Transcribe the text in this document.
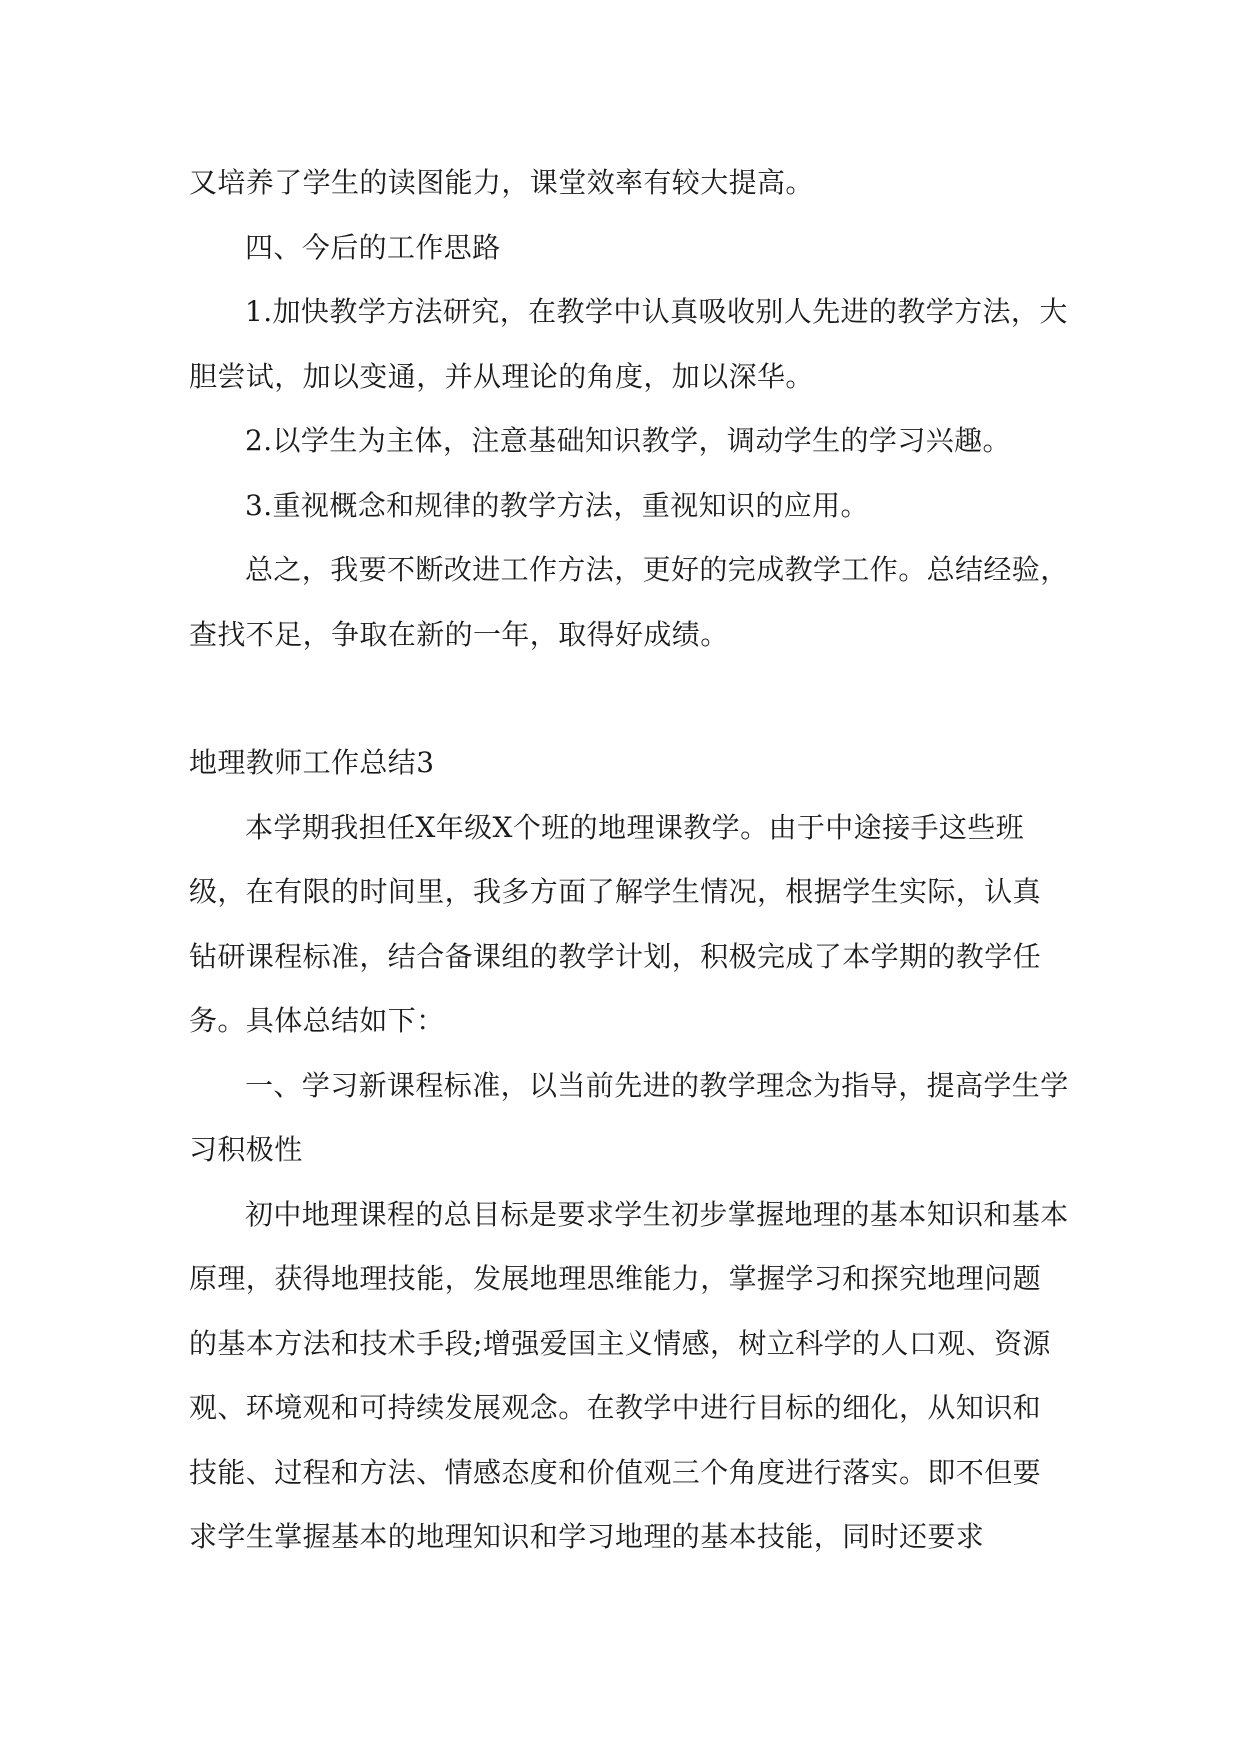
又培养了学生的读图能力，课堂效率有较大提高。

四、今后的工作思路

1.加快教学方法研究，在教学中认真吸收别人先进的教学方法，大胆尝试，加以变通，并从理论的角度，加以深华。

2.以学生为主体，注意基础知识教学，调动学生的学习兴趣。

3.重视概念和规律的教学方法，重视知识的应用。

总之，我要不断改进工作方法，更好的完成教学工作。总结经验，查找不足，争取在新的一年，取得好成绩。

地理教师工作总结3

本学期我担任X年级X个班的地理课教学。由于中途接手这些班级，在有限的时间里，我多方面了解学生情况，根据学生实际，认真钻研课程标准，结合备课组的教学计划，积极完成了本学期的教学任务。具体总结如下：

一、学习新课程标准，以当前先进的教学理念为指导，提高学生学习积极性

初中地理课程的总目标是要求学生初步掌握地理的基本知识和基本原理，获得地理技能，发展地理思维能力，掌握学习和探究地理问题的基本方法和技术手段;增强爱国主义情感，树立科学的人口观、资源观、环境观和可持续发展观念。在教学中进行目标的细化，从知识和技能、过程和方法、情感态度和价值观三个角度进行落实。即不但要求学生掌握基本的地理知识和学习地理的基本技能，同时还要求
